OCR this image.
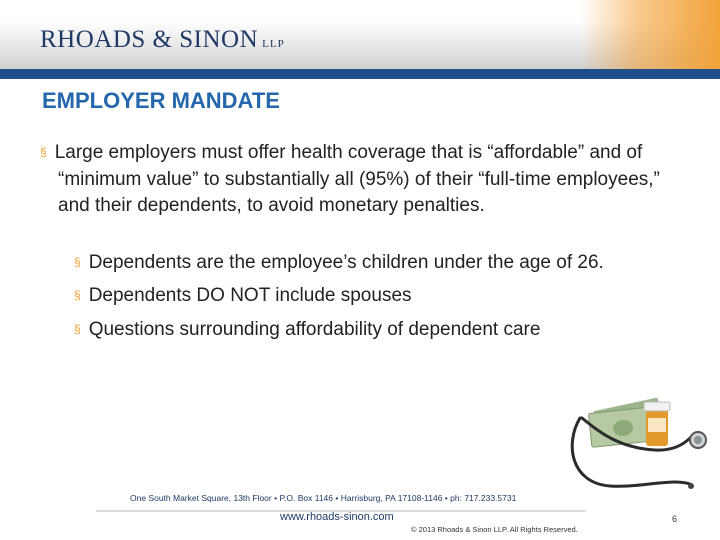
RHOADS & SINON LLP
EMPLOYER MANDATE
§ Large employers must offer health coverage that is “affordable” and of “minimum value” to substantially all (95%) of their “full-time employees,” and their dependents, to avoid monetary penalties.
§ Dependents are the employee’s children under the age of 26.
§ Dependents DO NOT include spouses
§ Questions surrounding affordability of dependent care
One South Market Square, 13th Floor • P.O. Box 1146 • Harrisburg, PA 17108-1146 • ph: 717.233.5731
www.rhoads-sinon.com
© 2013 Rhoads & Sinon LLP. All Rights Reserved.
6
